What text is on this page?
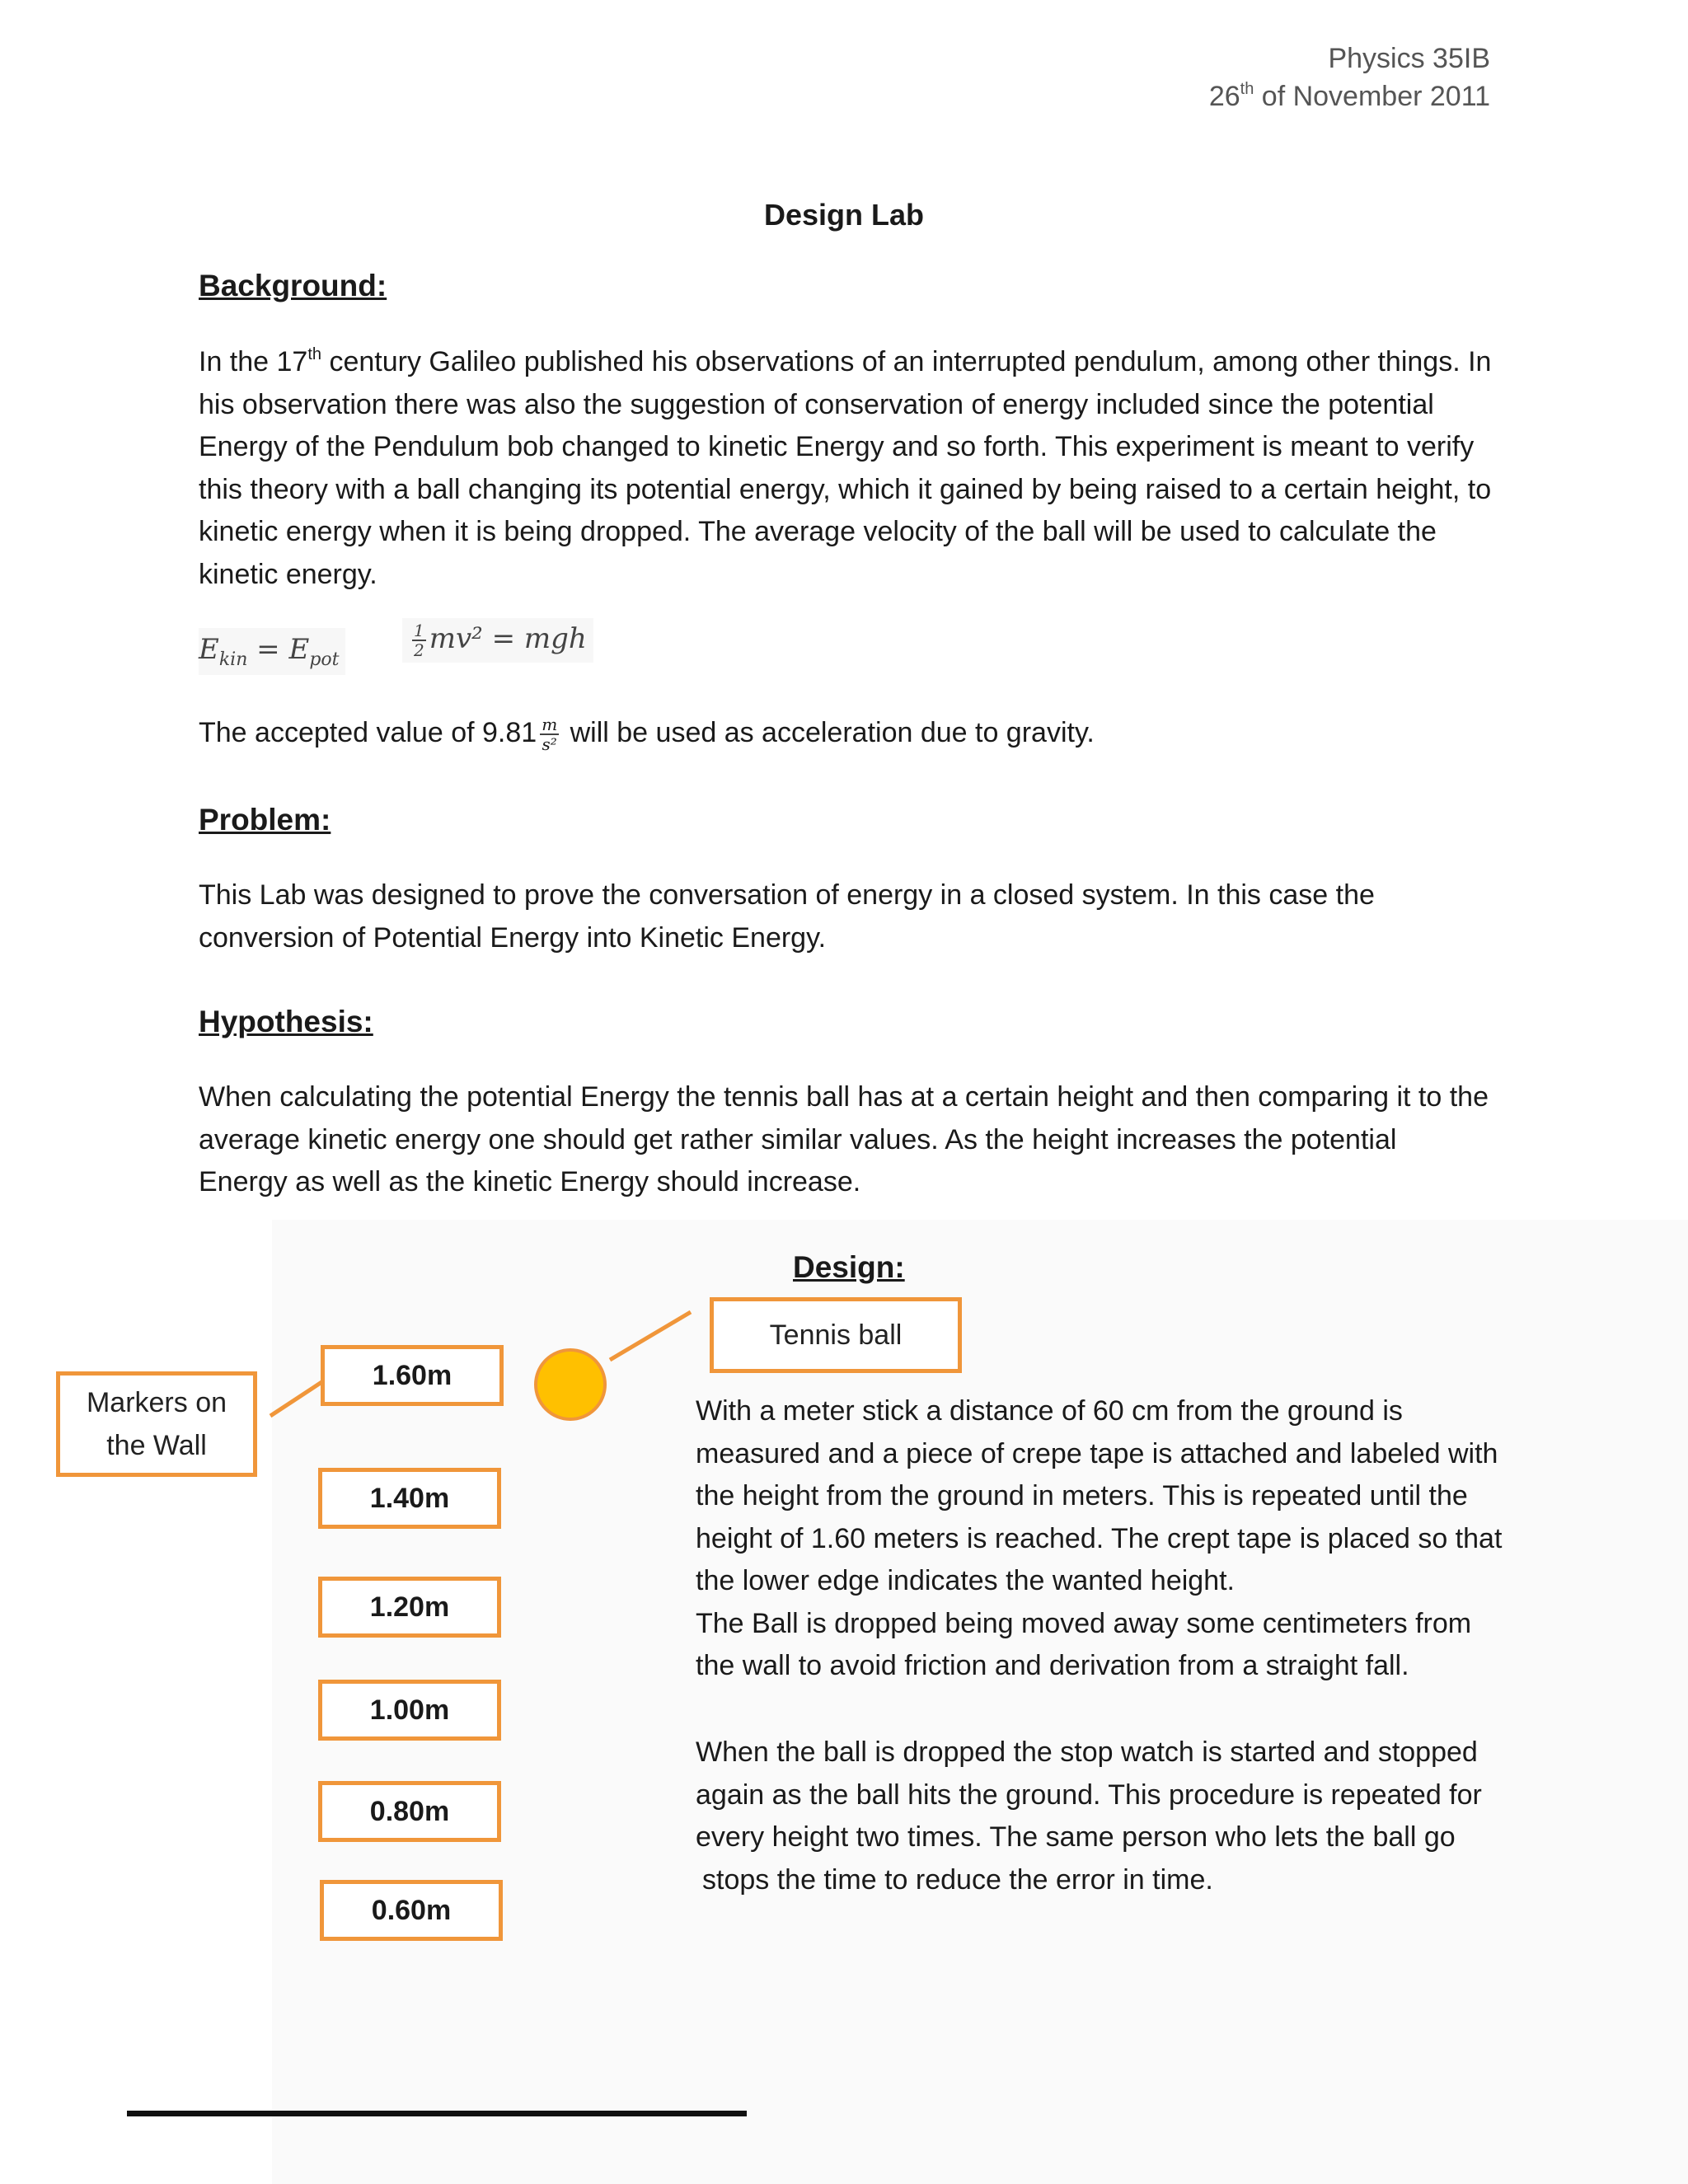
Physics 35IB
26th of November 2011
Design Lab
Background:
In the 17th century Galileo published his observations of an interrupted pendulum, among other things. In his observation there was also the suggestion of conservation of energy included since the potential Energy of the Pendulum bob changed to kinetic Energy and so forth. This experiment is meant to verify this theory with a ball changing its potential energy, which it gained by being raised to a certain height, to kinetic energy when it is being dropped. The average velocity of the ball will be used to calculate the kinetic energy.
$E_{kin} = E_{pot}$
$\frac{1}{2} mv^2$ = mgh
The accepted value of $9.81 \frac{m}{\text{s²}}$ will be used as acceleration due to gravity.
Problem:
This Lab was designed to prove the conversation of energy in a closed system. In this case the conversion of Potential Energy into Kinetic Energy.
Hypothesis:
When calculating the potential Energy the tennis ball has at a certain height and then comparing it to the average kinetic energy one should get rather similar values. As the height increases the potential Energy as well as the kinetic Energy should increase.
Design:
Tennis ball
Markers on the Wall
1.60m
1.40m
1.20m
1.00m
0.80m
0.60m
With a meter stick a distance of 60 cm from the ground is measured and a piece of crepe tape is attached and labeled with the height from the ground in meters. This is repeated until the height of 1.60 meters is reached. The crept tape is placed so that the lower edge indicates the wanted height.
The Ball is dropped being moved away some centimeters from the wall to avoid friction and derivation from a straight fall.
When the ball is dropped the stop watch is started and stopped again as the ball hits the ground. This procedure is repeated for every height two times. The same person who lets the ball go
stops the time to reduce the error in time.
